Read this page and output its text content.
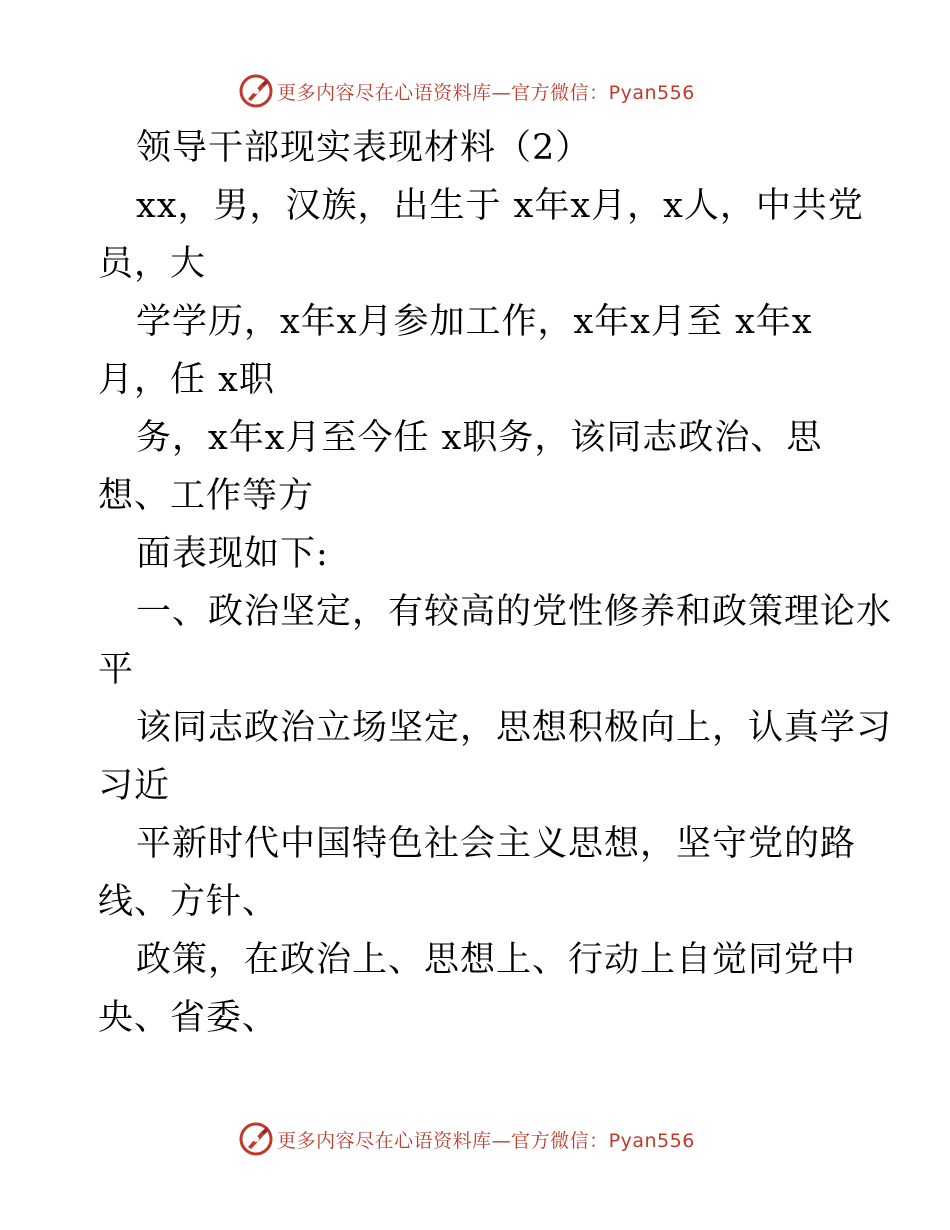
更多内容尽在心语资料库—官方微信：Pyan556
领导干部现实表现材料（2）
xx，男，汉族，出生于 x年x月，x人，中共党
员，大
学学历，x年x月参加工作，x年x月至 x年x
月，任 x职
务，x年x月至今任 x职务，该同志政治、思
想、工作等方
面表现如下:
一、政治坚定，有较高的党性修养和政策理论水
平
该同志政治立场坚定，思想积极向上，认真学习
习近
平新时代中国特色社会主义思想，坚守党的路
线、方针、
政策，在政治上、思想上、行动上自觉同党中
央、省委、
更多内容尽在心语资料库—官方微信：Pyan556
